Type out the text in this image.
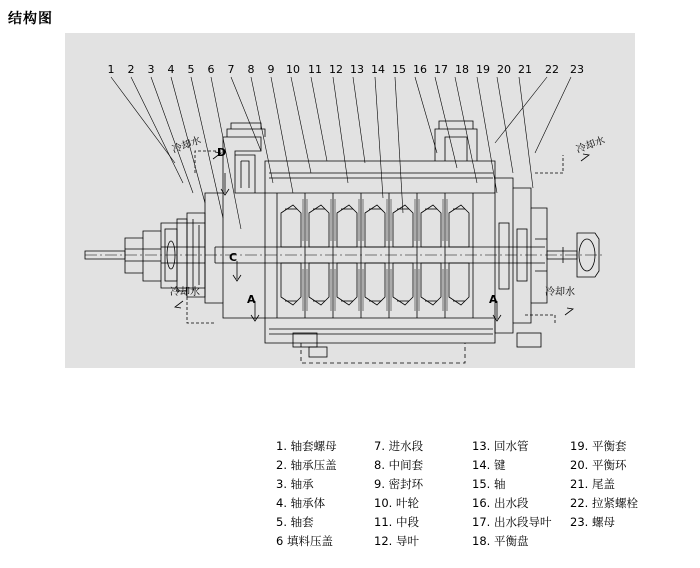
结构图
1 2 3 4 5 6 7 8 9 10 11 12 13 14 15 16 17 18 19 20 21 22 23
D
C
A	A
冷却水	冷却水
冷却水	冷却水
1. 轴套螺母
2. 轴承压盖
3. 轴承
4. 轴承体
5. 轴套
6 填料压盖
7. 进水段
8. 中间套
9. 密封环
10. 叶轮
11. 中段
12. 导叶
13. 回水管
14. 键
15. 轴
16. 出水段
17. 出水段导叶
18. 平衡盘
19. 平衡套
20. 平衡环
21. 尾盖
22. 拉紧螺栓
23. 螺母
